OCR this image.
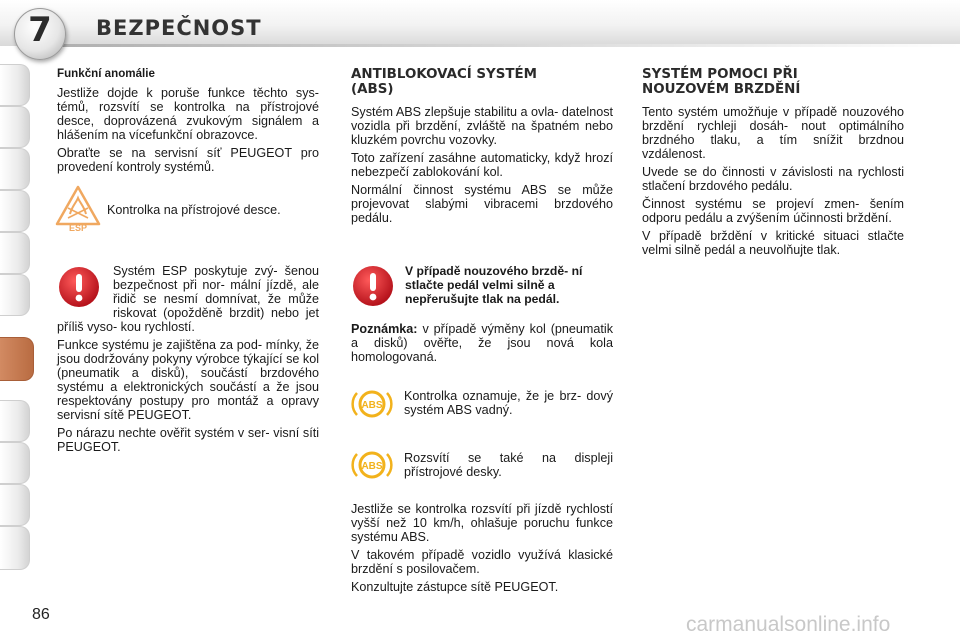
7	BEZPEČNOST
Funkční anomálie

Jestliže dojde k poruše funkce těchto sys- témů, rozsvítí se kontrolka na přístrojové desce, doprovázená zvukovým signálem a hlášením na vícefunkční obrazovce.

Obraťte se na servisní síť PEUGEOT pro provedení kontroly systémů.

ESP
Kontrolka na přístrojové desce.

Systém ESP poskytuje zvý- šenou bezpečnost při nor- mální jízdě, ale řidič se nesmí domnívat, že může riskovat (opožděně brzdit) nebo jet příliš vyso- kou rychlostí.

Funkce systému je zajištěna za pod- mínky, že jsou dodržovány pokyny výrobce týkající se kol (pneumatik a disků), součástí brzdového systému a elektronických součástí a že jsou respektovány postupy pro montáž a opravy servisní sítě PEUGEOT.

Po nárazu nechte ověřit systém v ser- visní síti PEUGEOT.

ANTIBLOKOVACÍ SYSTÉM
(ABS)

Systém ABS zlepšuje stabilitu a ovla- datelnost vozidla při brzdění, zvláště na špatném nebo kluzkém povrchu vozovky.

Toto zařízení zasáhne automaticky, když hrozí nebezpečí zablokování kol.

Normální činnost systému ABS se může projevovat slabými vibracemi brzdového pedálu.

V případě nouzového brzdě- ní stlačte pedál velmi silně a nepřerušujte tlak na pedál.
Poznámka: v případě výměny kol (pneumatik a disků) ověřte, že jsou nová kola homologovaná.
ABS
Kontrolka oznamuje, že je brz- dový systém ABS vadný.
ABS
Rozsvítí se také na displeji přístrojové desky.

Jestliže se kontrolka rozsvítí při jízdě rychlostí vyšší než 10 km/h, ohlašuje poruchu funkce systému ABS.

V takovém případě vozidlo využívá klasické brzdění s posilovačem.

Konzultujte zástupce sítě PEUGEOT.

SYSTÉM POMOCI PŘI
NOUZOVÉM BRZDĚNÍ

Tento systém umožňuje v případě nouzového brzdění rychleji dosáh- nout optimálního brzdného tlaku, a tím snížit brzdnou vzdálenost.

Uvede se do činnosti v závislosti na rychlosti stlačení brzdového pedálu.

Činnost systému se projeví zmen- šením odporu pedálu a zvýšením účinnosti brždění.

V případě brždění v kritické situaci stlačte velmi silně pedál a neuvolňujte tlak.

86	carmanualsonline.info
